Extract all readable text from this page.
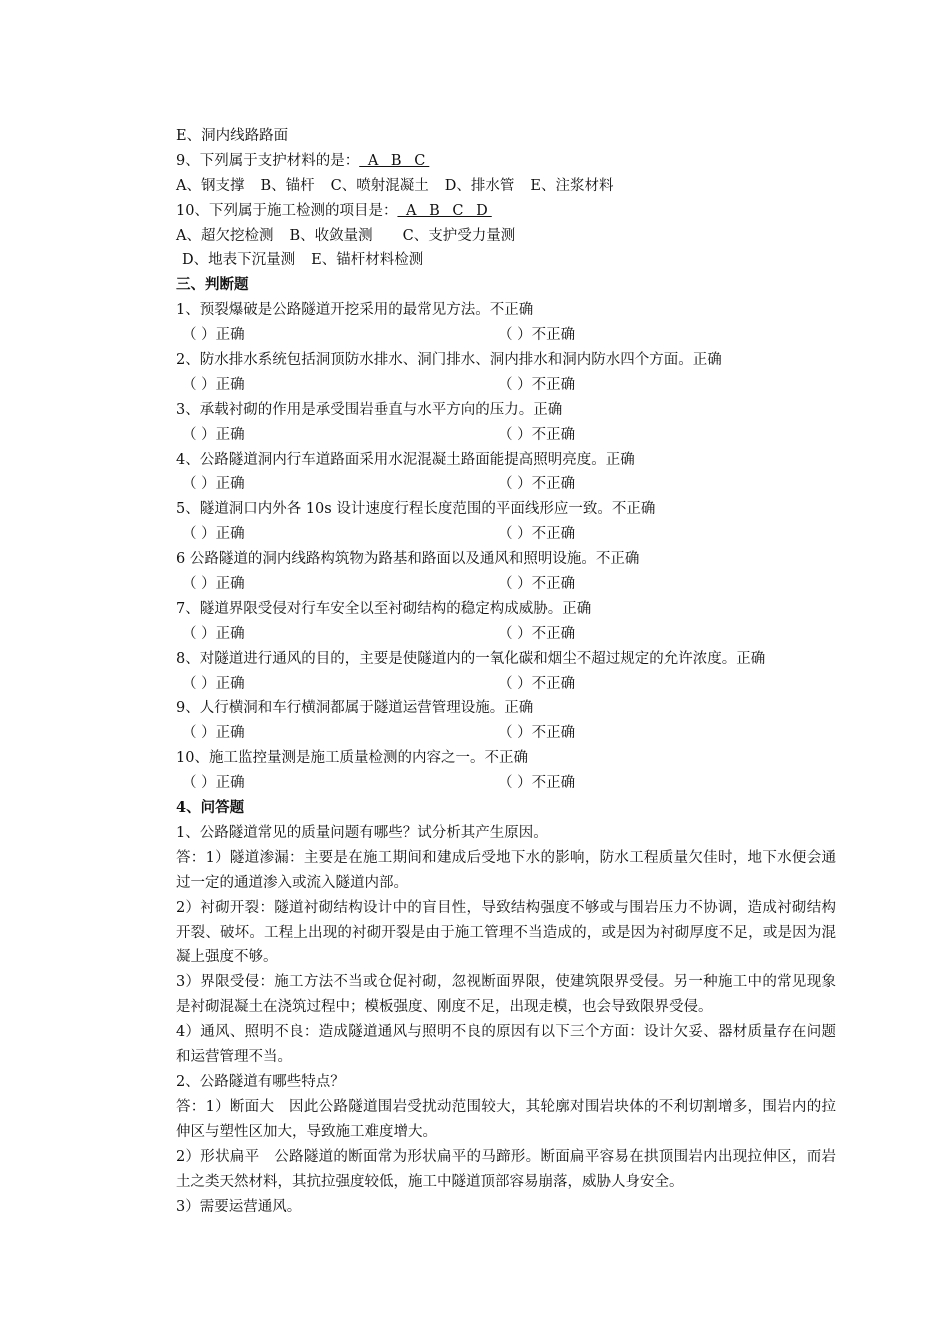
E、洞内线路路面
9、下列属于支护材料的是： A B C
A、钢支撑 B、锚杆 C、喷射混凝土 D、排水管 E、注浆材料
10、下列属于施工检测的项目是： A B C D
A、超欠挖检测 B、收敛量测 C、支护受力量测
D、地表下沉量测 E、锚杆材料检测
三、判断题
1、预裂爆破是公路隧道开挖采用的最常见方法。不正确
（ ）正确	（ ）不正确
2、防水排水系统包括洞顶防水排水、洞门排水、洞内排水和洞内防水四个方面。正确
（ ）正确	（ ）不正确
3、承载衬砌的作用是承受围岩垂直与水平方向的压力。正确
（ ）正确	（ ）不正确
4、公路隧道洞内行车道路面采用水泥混凝土路面能提高照明亮度。正确
（ ）正确	（ ）不正确
5、隧道洞口内外各 10s 设计速度行程长度范围的平面线形应一致。不正确
（ ）正确	（ ）不正确
6 公路隧道的洞内线路构筑物为路基和路面以及通风和照明设施。不正确
（ ）正确	（ ）不正确
7、隧道界限受侵对行车安全以至衬砌结构的稳定构成威胁。正确
（ ）正确	（ ）不正确
8、对隧道进行通风的目的，主要是使隧道内的一氧化碳和烟尘不超过规定的允许浓度。正确
（ ）正确	（ ）不正确
9、人行横洞和车行横洞都属于隧道运营管理设施。正确
（ ）正确	（ ）不正确
10、施工监控量测是施工质量检测的内容之一。不正确
（ ）正确	（ ）不正确
4、问答题
1、公路隧道常见的质量问题有哪些？试分析其产生原因。
答：1）隧道渗漏：主要是在施工期间和建成后受地下水的影响，防水工程质量欠佳时，地下水便会通过一定的通道渗入或流入隧道内部。
2）衬砌开裂：隧道衬砌结构设计中的盲目性，导致结构强度不够或与围岩压力不协调，造成衬砌结构开裂、破坏。工程上出现的衬砌开裂是由于施工管理不当造成的，或是因为衬砌厚度不足，或是因为混凝上强度不够。
3）界限受侵：施工方法不当或仓促衬砌，忽视断面界限，使建筑限界受侵。另一种施工中的常见现象是衬砌混凝土在浇筑过程中；模板强度、刚度不足，出现走模，也会导致限界受侵。
4）通风、照明不良：造成隧道通风与照明不良的原因有以下三个方面：设计欠妥、器材质量存在问题和运营管理不当。
2、公路隧道有哪些特点？
答：1）断面大　因此公路隧道围岩受扰动范围较大，其轮廓对围岩块体的不利切割增多，围岩内的拉伸区与塑性区加大，导致施工难度增大。
2）形状扁平　公路隧道的断面常为形状扁平的马蹄形。断面扁平容易在拱顶围岩内出现拉伸区，而岩土之类天然材料，其抗拉强度较低，施工中隧道顶部容易崩落，威胁人身安全。
3）需要运营通风。
